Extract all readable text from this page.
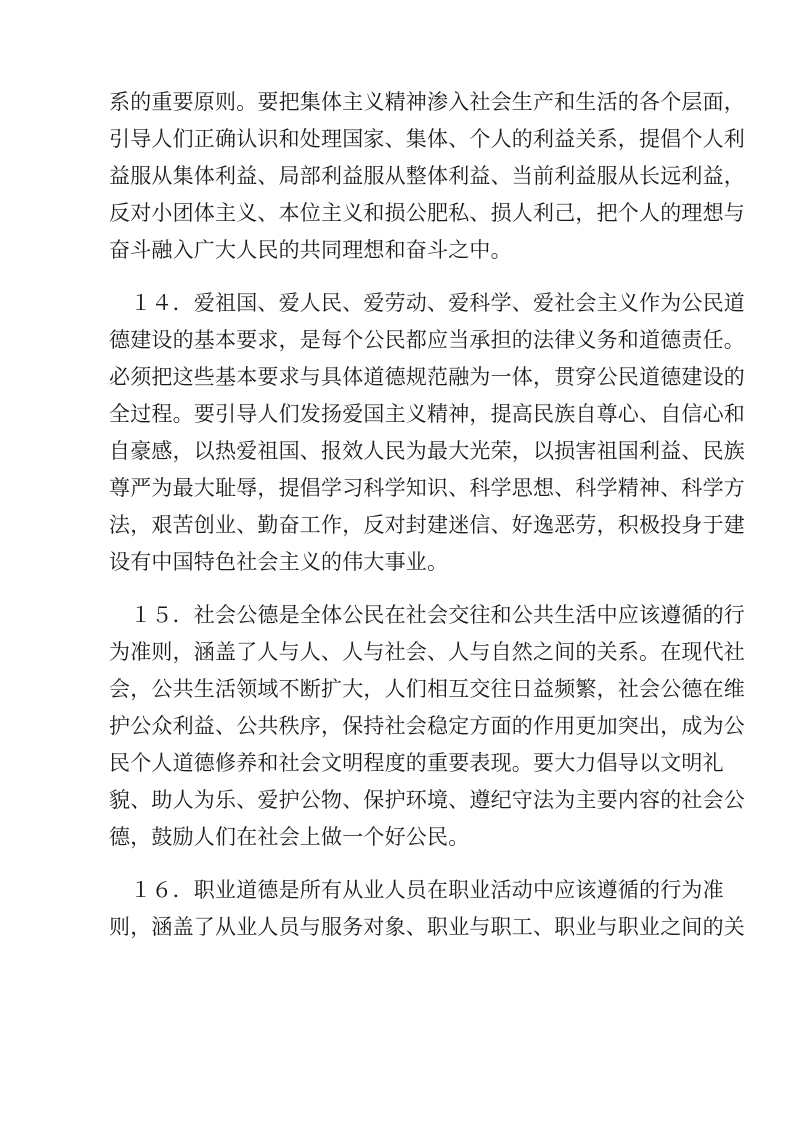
系的重要原则。要把集体主义精神渗入社会生产和生活的各个层面，
引导人们正确认识和处理国家、集体、个人的利益关系，提倡个人利
益服从集体利益、局部利益服从整体利益、当前利益服从长远利益，
反对小团体主义、本位主义和损公肥私、损人利己，把个人的理想与
奋斗融入广大人民的共同理想和奋斗之中。
　１４．爱祖国、爱人民、爱劳动、爱科学、爱社会主义作为公民道
德建设的基本要求，是每个公民都应当承担的法律义务和道德责任。
必须把这些基本要求与具体道德规范融为一体，贯穿公民道德建设的
全过程。要引导人们发扬爱国主义精神，提高民族自尊心、自信心和
自豪感，以热爱祖国、报效人民为最大光荣，以损害祖国利益、民族
尊严为最大耻辱，提倡学习科学知识、科学思想、科学精神、科学方
法，艰苦创业、勤奋工作，反对封建迷信、好逸恶劳，积极投身于建
设有中国特色社会主义的伟大事业。
　１５．社会公德是全体公民在社会交往和公共生活中应该遵循的行
为准则，涵盖了人与人、人与社会、人与自然之间的关系。在现代社
会，公共生活领域不断扩大，人们相互交往日益频繁，社会公德在维
护公众利益、公共秩序，保持社会稳定方面的作用更加突出，成为公
民个人道德修养和社会文明程度的重要表现。要大力倡导以文明礼
貌、助人为乐、爱护公物、保护环境、遵纪守法为主要内容的社会公
德，鼓励人们在社会上做一个好公民。
　１６．职业道德是所有从业人员在职业活动中应该遵循的行为准
则，涵盖了从业人员与服务对象、职业与职工、职业与职业之间的关
